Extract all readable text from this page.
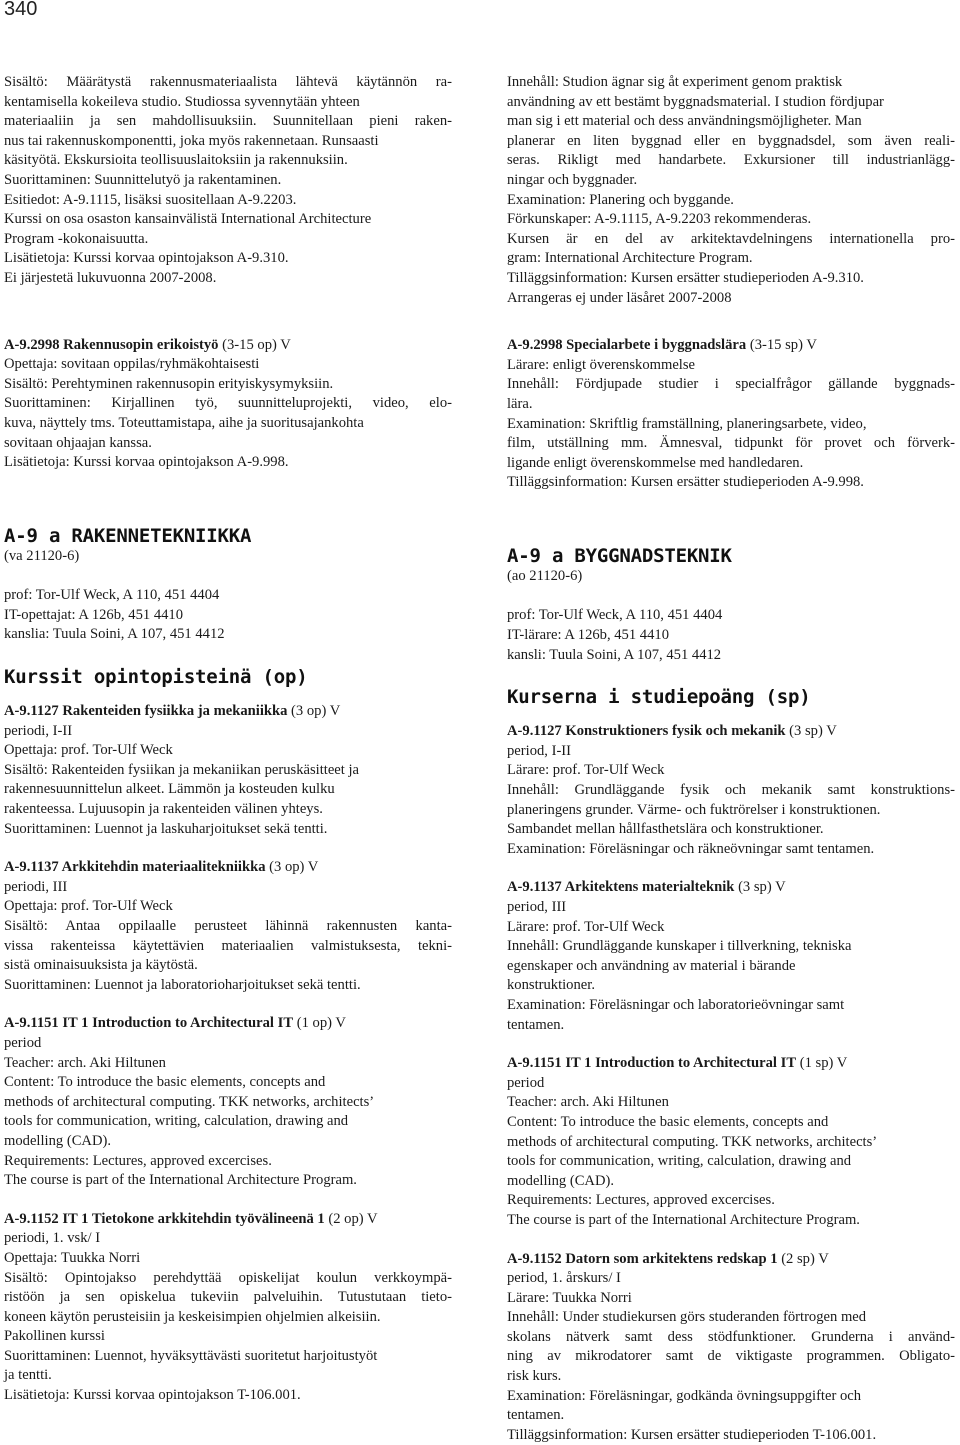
340
Sisältö: Määrätystä rakennusmateriaalista lähtevä käytännön ra-
kentamisella kokeileva studio. Studiossa syvennytään yhteen
materiaaliin ja sen mahdollisuuksiin. Suunnitellaan pieni raken-
nus tai rakennuskomponentti, joka myös rakennetaan. Runsaasti
käsityötä. Ekskursioita teollisuuslaitoksiin ja rakennuksiin.
Suorittaminen: Suunnittelutyö ja rakentaminen.
Esitiedot: A-9.1115, lisäksi suositellaan A-9.2203.
Kurssi on osa osaston kansainvälistä International Architecture
Program -kokonaisuutta.
Lisätietoja: Kurssi korvaa opintojakson A-9.310.
Ei järjestetä lukuvuonna 2007-2008.
A-9.2998 Rakennusopin erikoistyö (3-15 op) V
Opettaja: sovitaan oppilas/ryhmäkohtaisesti
Sisältö: Perehtyminen rakennusopin erityiskysymyksiin.
Suorittaminen: Kirjallinen työ, suunnitteluprojekti, video, elo-
kuva, näyttely tms. Toteuttamistapa, aihe ja suoritusajankohta
sovitaan ohjaajan kanssa.
Lisätietoja: Kurssi korvaa opintojakson A-9.998.
A-9 a RAKENNETEKNIIKKA
(va 21120-6)
prof: Tor-Ulf Weck, A 110, 451 4404
IT-opettajat: A 126b, 451 4410
kanslia: Tuula Soini, A 107, 451 4412
Kurssit opintopisteinä (op)
A-9.1127 Rakenteiden fysiikka ja mekaniikka (3 op) V
periodi, I-II
Opettaja: prof. Tor-Ulf Weck
Sisältö: Rakenteiden fysiikan ja mekaniikan peruskäsitteet ja
rakennesuunnittelun alkeet. Lämmön ja kosteuden kulku
rakenteessa. Lujuusopin ja rakenteiden välinen yhteys.
Suorittaminen: Luennot ja laskuharjoitukset sekä tentti.
A-9.1137 Arkkitehdin materiaalitekniikka (3 op) V
periodi, III
Opettaja: prof. Tor-Ulf Weck
Sisältö: Antaa oppilaalle perusteet lähinnä rakennusten kanta-
vissa rakenteissa käytettävien materiaalien valmistuksesta, tekni-
sistä ominaisuuksista ja käytöstä.
Suorittaminen: Luennot ja laboratorioharjoitukset sekä tentti.
A-9.1151 IT 1 Introduction to Architectural IT (1 op) V
period
Teacher: arch. Aki Hiltunen
Content: To introduce the basic elements, concepts and
methods of architectural computing. TKK networks, architects’
tools for communication, writing, calculation, drawing and
modelling (CAD).
Requirements: Lectures, approved excercises.
The course is part of the International Architecture Program.
A-9.1152 IT 1 Tietokone arkkitehdin työvälineenä 1 (2 op) V
periodi, 1. vsk/ I
Opettaja: Tuukka Norri
Sisältö: Opintojakso perehdyttää opiskelijat koulun verkkoympä-
ristöön ja sen opiskelua tukeviin palveluihin. Tutustutaan tieto-
koneen käytön perusteisiin ja keskeisimpien ohjelmien alkeisiin.
Pakollinen kurssi
Suorittaminen: Luennot, hyväksyttävästi suoritetut harjoitustyöt
ja tentti.
Lisätietoja: Kurssi korvaa opintojakson T-106.001.
Innehåll: Studion ägnar sig åt experiment genom praktisk
användning av ett bestämt byggnadsmaterial. I studion fördjupar
man sig i ett material och dess användningsmöjligheter. Man
planerar en liten byggnad eller en byggnadsdel, som även reali-
seras. Rikligt med handarbete. Exkursioner till industrianlägg-
ningar och byggnader.
Examination: Planering och byggande.
Förkunskaper: A-9.1115, A-9.2203 rekommenderas.
Kursen är en del av arkitektavdelningens internationella pro-
gram: International Architecture Program.
Tilläggsinformation: Kursen ersätter studieperioden A-9.310.
Arrangeras ej under läsåret 2007-2008
A-9.2998 Specialarbete i byggnadslära (3-15 sp) V
Lärare: enligt överenskommelse
Innehåll: Fördjupade studier i specialfrågor gällande byggnads-
lära.
Examination: Skriftlig framställning, planeringsarbete, video,
film, utställning mm. Ämnesval, tidpunkt för provet och förverk-
ligande enligt överenskommelse med handledaren.
Tilläggsinformation: Kursen ersätter studieperioden A-9.998.
A-9 a BYGGNADSTEKNIK
(ao 21120-6)
prof: Tor-Ulf Weck, A 110, 451 4404
IT-lärare: A 126b, 451 4410
kansli: Tuula Soini, A 107, 451 4412
Kurserna i studiepoäng (sp)
A-9.1127 Konstruktioners fysik och mekanik (3 sp) V
period, I-II
Lärare: prof. Tor-Ulf Weck
Innehåll: Grundläggande fysik och mekanik samt konstruktions-
planeringens grunder. Värme- och fuktrörelser i konstruktionen.
Sambandet mellan hållfasthetslära och konstruktioner.
Examination: Föreläsningar och räkneövningar samt tentamen.
A-9.1137 Arkitektens materialteknik (3 sp) V
period, III
Lärare: prof. Tor-Ulf Weck
Innehåll: Grundläggande kunskaper i tillverkning, tekniska
egenskaper och användning av material i bärande
konstruktioner.
Examination: Föreläsningar och laboratorieövningar samt
tentamen.
A-9.1151 IT 1 Introduction to Architectural IT (1 sp) V
period
Teacher: arch. Aki Hiltunen
Content: To introduce the basic elements, concepts and
methods of architectural computing. TKK networks, architects’
tools for communication, writing, calculation, drawing and
modelling (CAD).
Requirements: Lectures, approved excercises.
The course is part of the International Architecture Program.
A-9.1152 Datorn som arkitektens redskap 1 (2 sp) V
period, 1. årskurs/ I
Lärare: Tuukka Norri
Innehåll: Under studiekursen görs studeranden förtrogen med
skolans nätverk samt dess stödfunktioner. Grunderna i använd-
ning av mikrodatorer samt de viktigaste programmen. Obligato-
risk kurs.
Examination: Föreläsningar, godkända övningsuppgifter och
tentamen.
Tilläggsinformation: Kursen ersätter studieperioden T-106.001.
